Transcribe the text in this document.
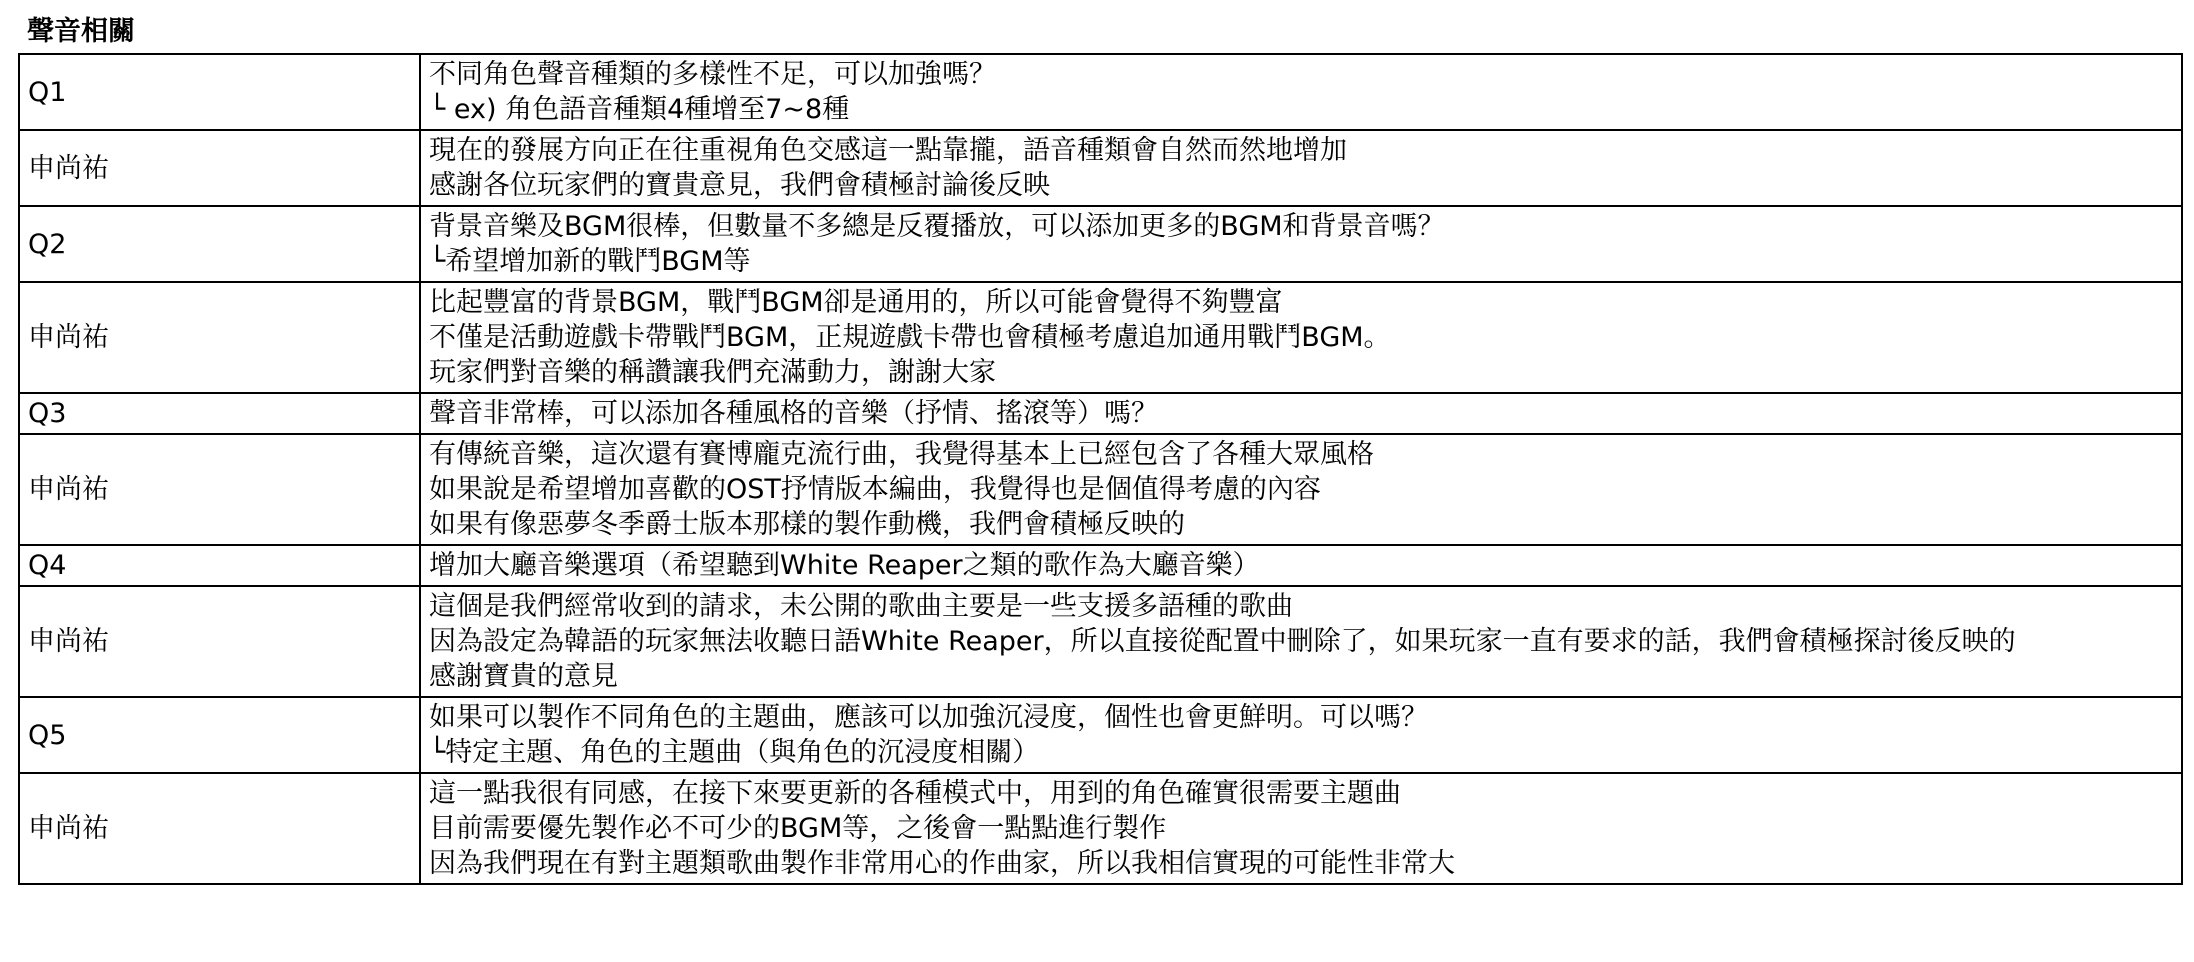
聲音相關
Q1	不同角色聲音種類的多樣性不足，可以加強嗎？
└ ex) 角色語音種類4種增至7~8種

申尚祐	現在的發展方向正在往重視角色交感這一點靠攏，語音種類會自然而然地增加
感謝各位玩家們的寶貴意見，我們會積極討論後反映

Q2	背景音樂及BGM很棒，但數量不多總是反覆播放，可以添加更多的BGM和背景音嗎？
└希望增加新的戰鬥BGM等

申尚祐	比起豐富的背景BGM，戰鬥BGM卻是通用的，所以可能會覺得不夠豐富
不僅是活動遊戲卡帶戰鬥BGM，正規遊戲卡帶也會積極考慮追加通用戰鬥BGM。
玩家們對音樂的稱讚讓我們充滿動力，謝謝大家

Q3	聲音非常棒，可以添加各種風格的音樂（抒情、搖滾等）嗎？

申尚祐	有傳統音樂，這次還有賽博龐克流行曲，我覺得基本上已經包含了各種大眾風格
如果說是希望增加喜歡的OST抒情版本編曲，我覺得也是個值得考慮的內容
如果有像惡夢冬季爵士版本那樣的製作動機，我們會積極反映的

Q4	增加大廳音樂選項（希望聽到White Reaper之類的歌作為大廳音樂）

申尚祐	這個是我們經常收到的請求，未公開的歌曲主要是一些支援多語種的歌曲
因為設定為韓語的玩家無法收聽日語White Reaper，所以直接從配置中刪除了，如果玩家一直有要求的話，我們會積極探討後反映的
感謝寶貴的意見

Q5	如果可以製作不同角色的主題曲，應該可以加強沉浸度，個性也會更鮮明。可以嗎？
└特定主題、角色的主題曲（與角色的沉浸度相關）

申尚祐	這一點我很有同感，在接下來要更新的各種模式中，用到的角色確實很需要主題曲
目前需要優先製作必不可少的BGM等，之後會一點點進行製作
因為我們現在有對主題類歌曲製作非常用心的作曲家，所以我相信實現的可能性非常大
